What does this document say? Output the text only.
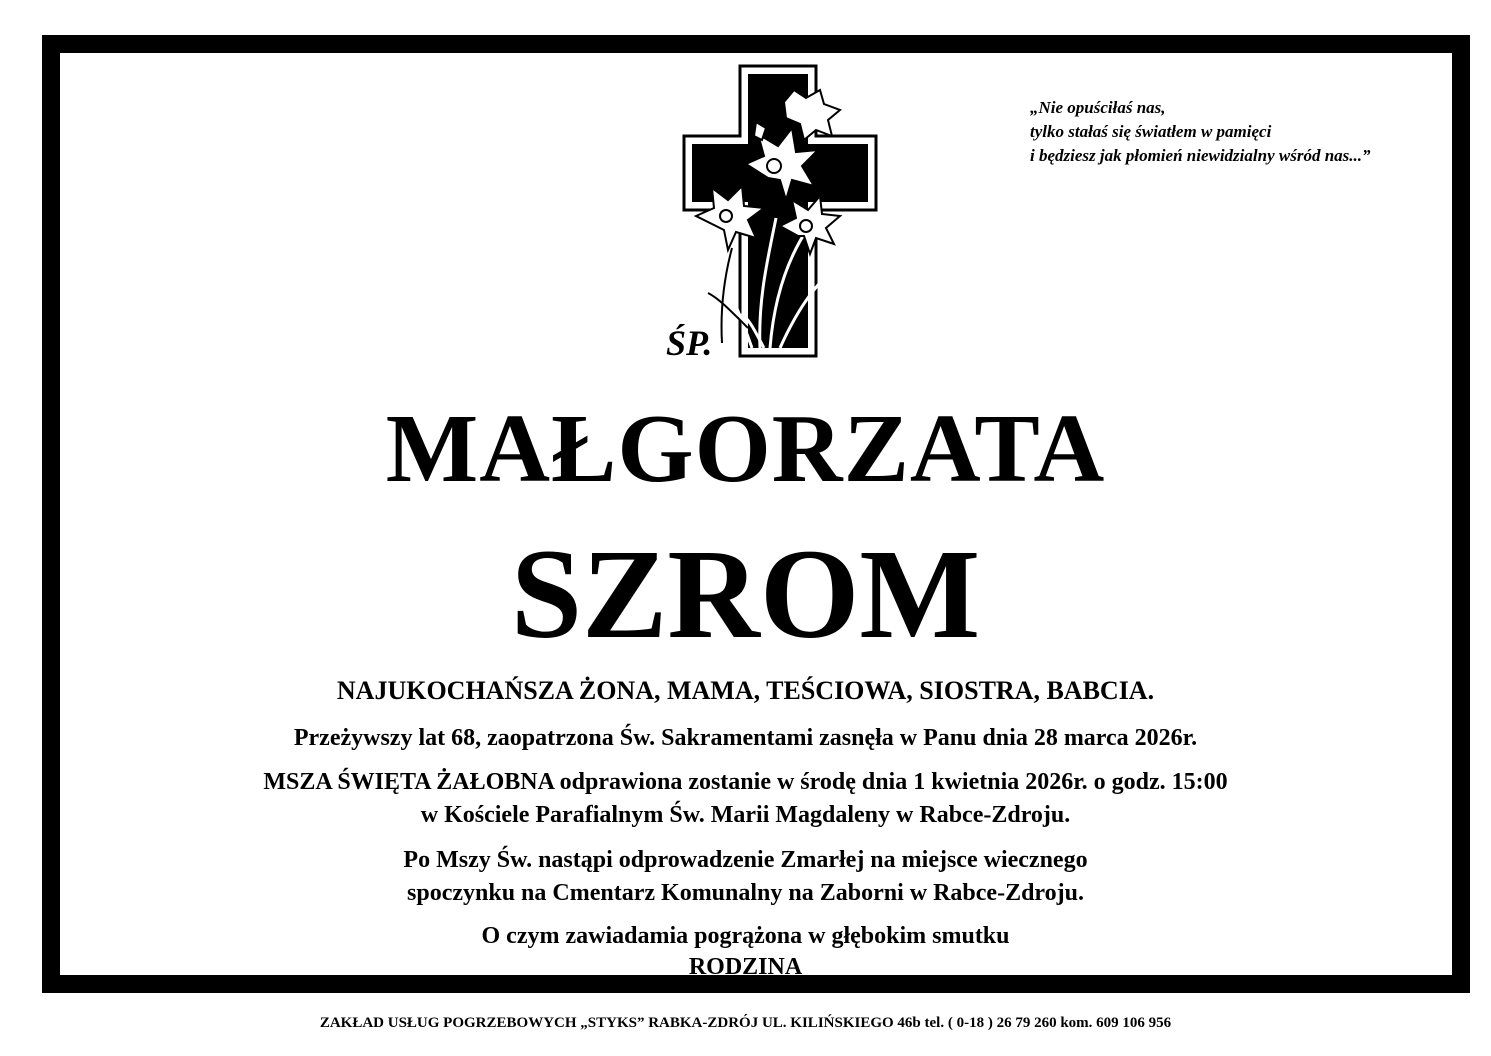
ŚP.
„Nie opuściłaś nas,
tylko stałaś się światłem w pamięci
i będziesz jak płomień niewidzialny wśród nas...”
MAŁGORZATA
SZROM
NAJUKOCHAŃSZA ŻONA, MAMA, TEŚCIOWA, SIOSTRA, BABCIA.
Przeżywszy lat 68, zaopatrzona Św. Sakramentami zasnęła w Panu dnia 28 marca 2026r.
MSZA ŚWIĘTA ŻAŁOBNA odprawiona zostanie w środę dnia 1 kwietnia 2026r. o godz. 15:00
w Kościele Parafialnym Św. Marii Magdaleny w Rabce-Zdroju.
Po Mszy Św. nastąpi odprowadzenie Zmarłej na miejsce wiecznego
spoczynku na Cmentarz Komunalny na Zaborni w Rabce-Zdroju.
O czym zawiadamia pogrążona w głębokim smutku
RODZINA
ZAKŁAD USŁUG POGRZEBOWYCH „STYKS” RABKA-ZDRÓJ UL. KILIŃSKIEGO 46b tel. ( 0-18 ) 26 79 260 kom. 609 106 956
